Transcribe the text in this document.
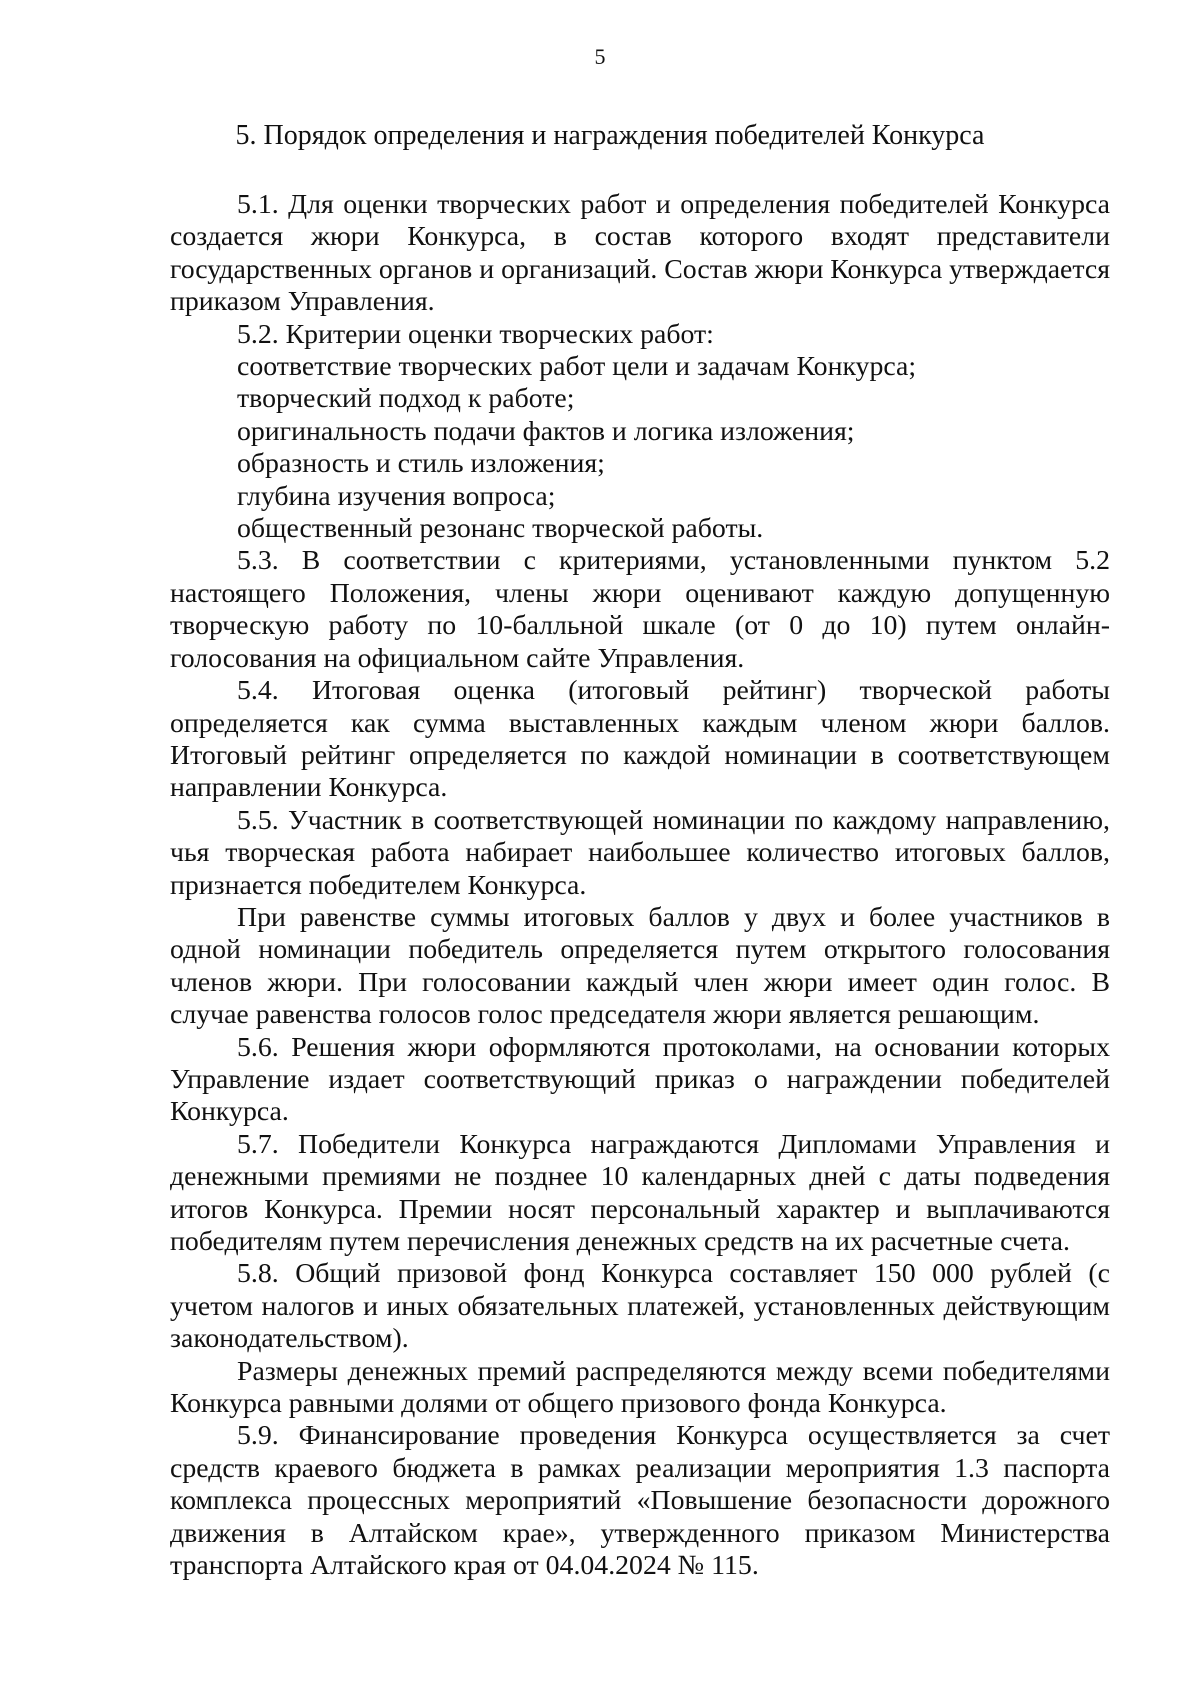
5
5. Порядок определения и награждения победителей Конкурса

5.1. Для оценки творческих работ и определения победителей Конкурса создается жюри Конкурса, в состав которого входят представители государственных органов и организаций. Состав жюри Конкурса утверждается приказом Управления.

5.2. Критерии оценки творческих работ:

соответствие творческих работ цели и задачам Конкурса;

творческий подход к работе;

оригинальность подачи фактов и логика изложения;

образность и стиль изложения;

глубина изучения вопроса;

общественный резонанс творческой работы.

5.3. В соответствии с критериями, установленными пунктом 5.2 настоящего Положения, члены жюри оценивают каждую допущенную творческую работу по 10-балльной шкале (от 0 до 10) путем онлайн-голосования на официальном сайте Управления.

5.4. Итоговая оценка (итоговый рейтинг) творческой работы определяется как сумма выставленных каждым членом жюри баллов. Итоговый рейтинг определяется по каждой номинации в соответствующем направлении Конкурса.

5.5. Участник в соответствующей номинации по каждому направлению, чья творческая работа набирает наибольшее количество итоговых баллов, признается победителем Конкурса.

При равенстве суммы итоговых баллов у двух и более участников в одной номинации победитель определяется путем открытого голосования членов жюри. При голосовании каждый член жюри имеет один голос. В случае равенства голосов голос председателя жюри является решающим.

5.6. Решения жюри оформляются протоколами, на основании которых Управление издает соответствующий приказ о награждении победителей Конкурса.

5.7. Победители Конкурса награждаются Дипломами Управления и денежными премиями не позднее 10 календарных дней с даты подведения итогов Конкурса. Премии носят персональный характер и выплачиваются победителям путем перечисления денежных средств на их расчетные счета.

5.8. Общий призовой фонд Конкурса составляет 150 000 рублей (с учетом налогов и иных обязательных платежей, установленных действующим законодательством).

Размеры денежных премий распределяются между всеми победителями Конкурса равными долями от общего призового фонда Конкурса.

5.9. Финансирование проведения Конкурса осуществляется за счет средств краевого бюджета в рамках реализации мероприятия 1.3 паспорта комплекса процессных мероприятий «Повышение безопасности дорожного движения в Алтайском крае», утвержденного приказом Министерства транспорта Алтайского края от 04.04.2024 № 115.
